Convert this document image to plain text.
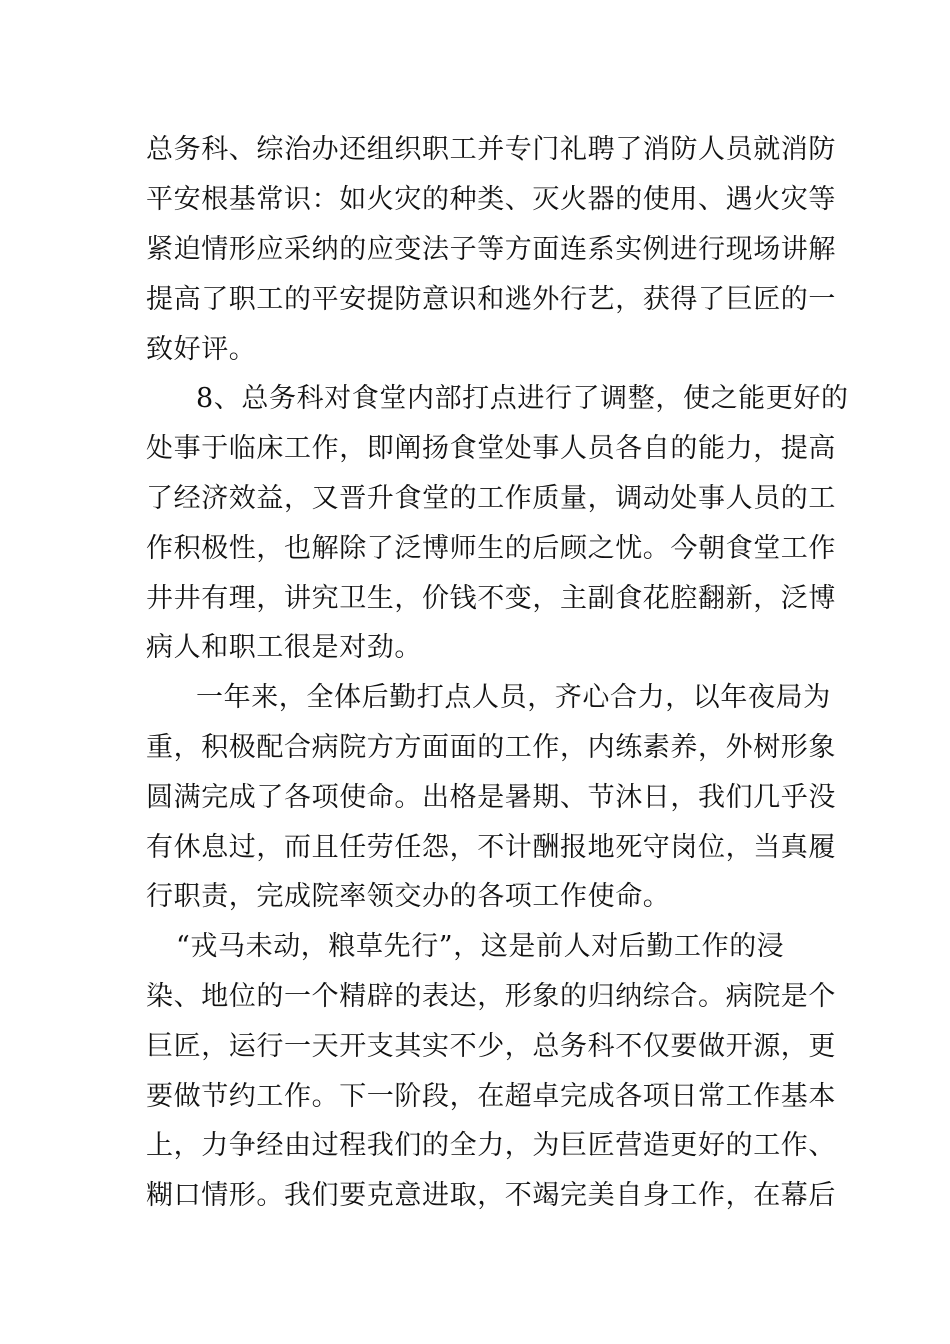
总务科、综治办还组织职工并专门礼聘了消防人员就消防
平安根基常识：如火灾的种类、灭火器的使用、遇火灾等
紧迫情形应采纳的应变法子等方面连系实例进行现场讲解
提高了职工的平安提防意识和逃外行艺，获得了巨匠的一
致好评。
8、总务科对食堂内部打点进行了调整，使之能更好的
处事于临床工作，即阐扬食堂处事人员各自的能力，提高
了经济效益，又晋升食堂的工作质量，调动处事人员的工
作积极性，也解除了泛博师生的后顾之忧。今朝食堂工作
井井有理，讲究卫生，价钱不变，主副食花腔翻新，泛博
病人和职工很是对劲。
一年来，全体后勤打点人员，齐心合力，以年夜局为
重，积极配合病院方方面面的工作，内练素养，外树形象
圆满完成了各项使命。出格是暑期、节沐日，我们几乎没
有休息过，而且任劳任怨，不计酬报地死守岗位，当真履
行职责，完成院率领交办的各项工作使命。
“戎马未动，粮草先行”，这是前人对后勤工作的浸
染、地位的一个精辟的表达，形象的归纳综合。病院是个
巨匠，运行一天开支其实不少，总务科不仅要做开源，更
要做节约工作。下一阶段，在超卓完成各项日常工作基本
上，力争经由过程我们的全力，为巨匠营造更好的工作、
糊口情形。我们要克意进取，不竭完美自身工作，在幕后
